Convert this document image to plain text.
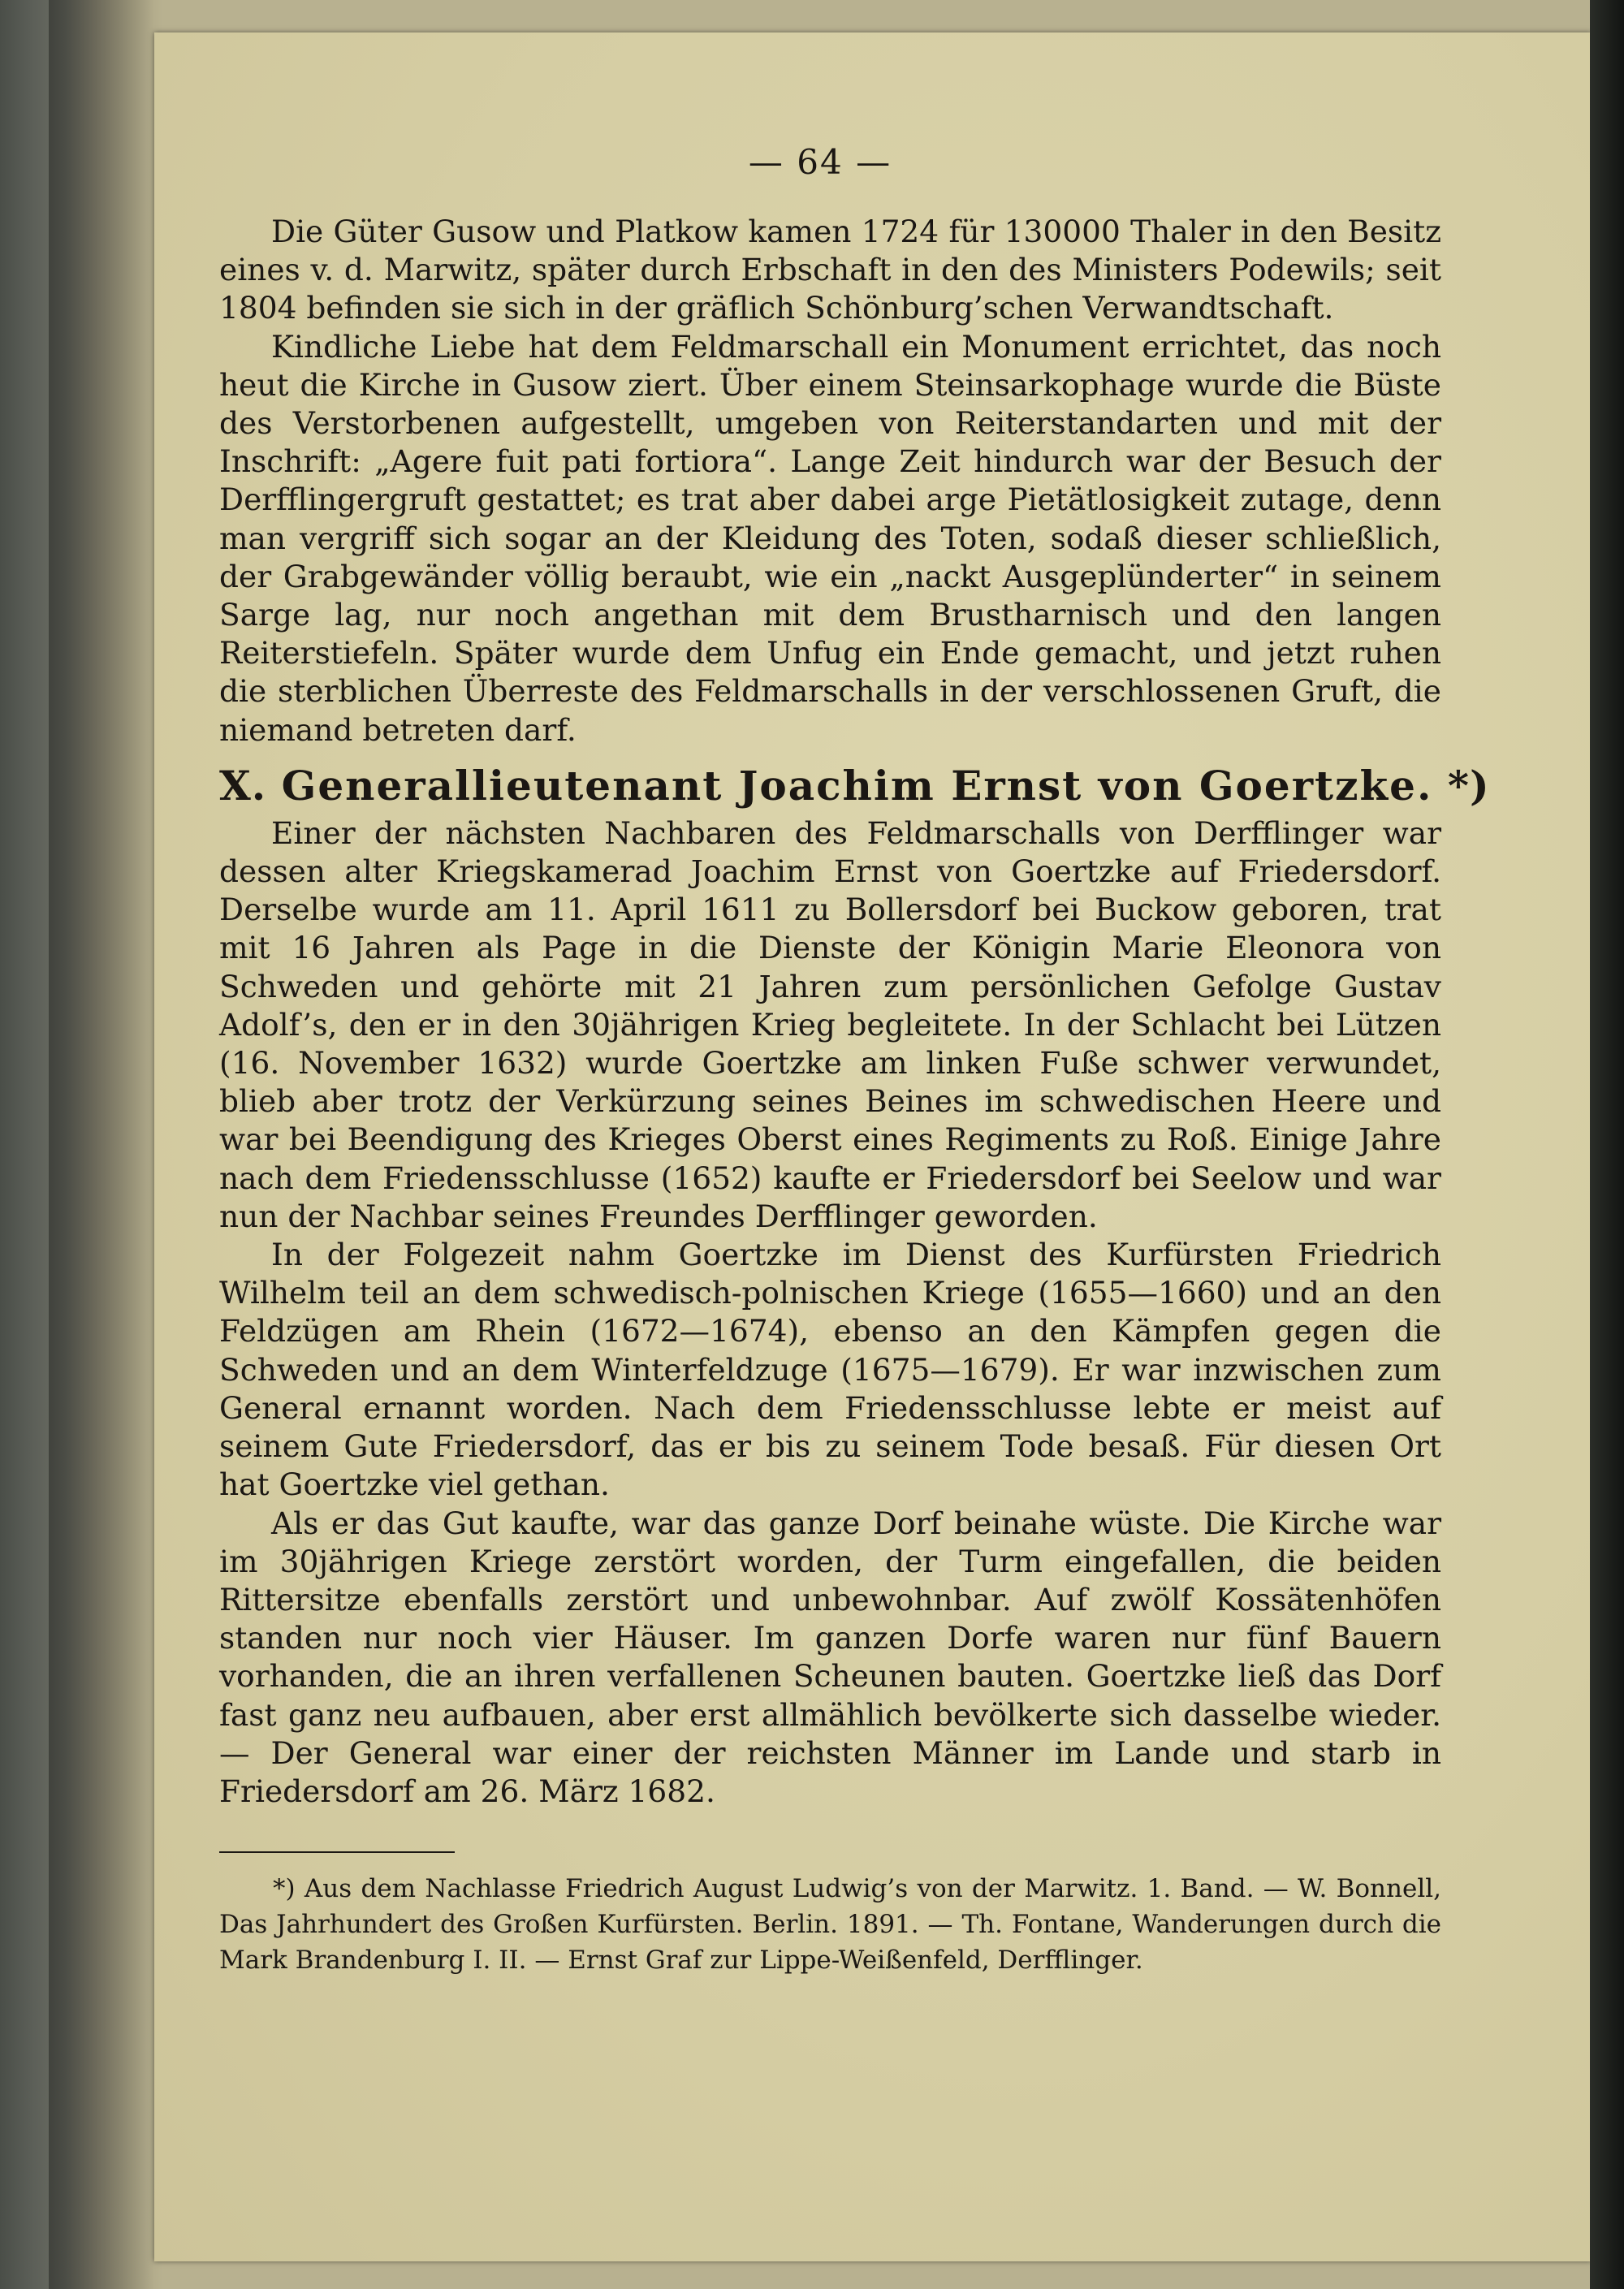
— 64 —

Die Güter Gusow und Platkow kamen 1724 für 130000 Thaler in den Besitz eines v. d. Marwitz, später durch Erbschaft in den des Ministers Podewils; seit 1804 befinden sie sich in der gräflich Schönburg’schen Verwandtschaft.

Kindliche Liebe hat dem Feldmarschall ein Monument errichtet, das noch heut die Kirche in Gusow ziert. Über einem Steinsarkophage wurde die Büste des Verstorbenen aufgestellt, umgeben von Reiterstandarten und mit der Inschrift: „Agere fuit pati fortiora“. Lange Zeit hindurch war der Besuch der Derfflingergruft gestattet; es trat aber dabei arge Pietätlosigkeit zutage, denn man vergriff sich sogar an der Kleidung des Toten, sodaß dieser schließlich, der Grabgewänder völlig beraubt, wie ein „nackt Ausgeplünderter“ in seinem Sarge lag, nur noch angethan mit dem Brustharnisch und den langen Reiterstiefeln. Später wurde dem Unfug ein Ende gemacht, und jetzt ruhen die sterblichen Überreste des Feldmarschalls in der verschlossenen Gruft, die niemand betreten darf.

X. Generallieutenant Joachim Ernst von Goertzke. *)

Einer der nächsten Nachbaren des Feldmarschalls von Derfflinger war dessen alter Kriegskamerad Joachim Ernst von Goertzke auf Friedersdorf. Derselbe wurde am 11. April 1611 zu Bollersdorf bei Buckow geboren, trat mit 16 Jahren als Page in die Dienste der Königin Marie Eleonora von Schweden und gehörte mit 21 Jahren zum persönlichen Gefolge Gustav Adolf’s, den er in den 30jährigen Krieg begleitete. In der Schlacht bei Lützen (16. November 1632) wurde Goertzke am linken Fuße schwer verwundet, blieb aber trotz der Verkürzung seines Beines im schwedischen Heere und war bei Beendigung des Krieges Oberst eines Regiments zu Roß. Einige Jahre nach dem Friedensschlusse (1652) kaufte er Friedersdorf bei Seelow und war nun der Nachbar seines Freundes Derfflinger geworden.

In der Folgezeit nahm Goertzke im Dienst des Kurfürsten Friedrich Wilhelm teil an dem schwedisch-polnischen Kriege (1655—1660) und an den Feldzügen am Rhein (1672—1674), ebenso an den Kämpfen gegen die Schweden und an dem Winterfeldzuge (1675—1679). Er war inzwischen zum General ernannt worden. Nach dem Friedensschlusse lebte er meist auf seinem Gute Friedersdorf, das er bis zu seinem Tode besaß. Für diesen Ort hat Goertzke viel gethan.

Als er das Gut kaufte, war das ganze Dorf beinahe wüste. Die Kirche war im 30jährigen Kriege zerstört worden, der Turm eingefallen, die beiden Rittersitze ebenfalls zerstört und unbewohnbar. Auf zwölf Kossätenhöfen standen nur noch vier Häuser. Im ganzen Dorfe waren nur fünf Bauern vorhanden, die an ihren verfallenen Scheunen bauten. Goertzke ließ das Dorf fast ganz neu aufbauen, aber erst allmählich bevölkerte sich dasselbe wieder. — Der General war einer der reichsten Männer im Lande und starb in Friedersdorf am 26. März 1682.

*) Aus dem Nachlasse Friedrich August Ludwig’s von der Marwitz. 1. Band. — W. Bonnell, Das Jahrhundert des Großen Kurfürsten. Berlin. 1891. — Th. Fontane, Wanderungen durch die Mark Brandenburg I. II. — Ernst Graf zur Lippe-Weißenfeld, Derfflinger.
